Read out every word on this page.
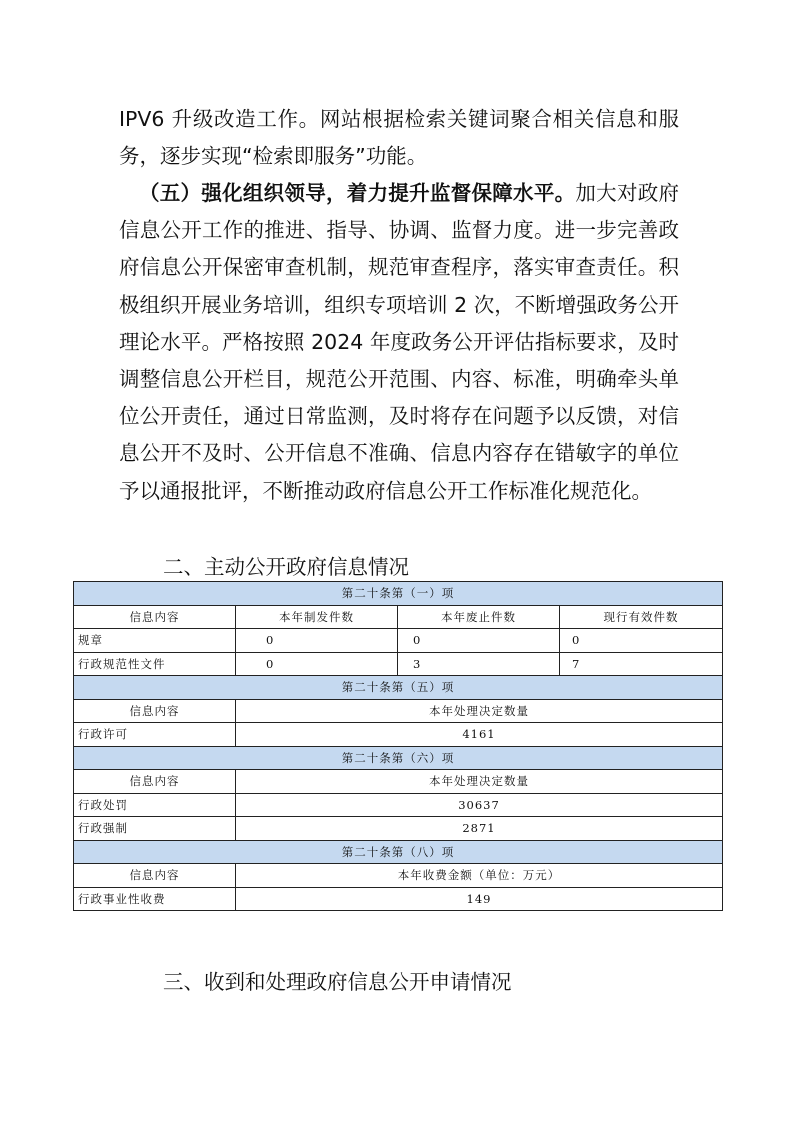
IPV6 升级改造工作。网站根据检索关键词聚合相关信息和服务，逐步实现“检索即服务”功能。

（五）强化组织领导，着力提升监督保障水平。加大对政府信息公开工作的推进、指导、协调、监督力度。进一步完善政府信息公开保密审查机制，规范审查程序，落实审查责任。积极组织开展业务培训，组织专项培训 2 次，不断增强政务公开理论水平。严格按照 2024 年度政务公开评估指标要求，及时调整信息公开栏目，规范公开范围、内容、标准，明确牵头单位公开责任，通过日常监测，及时将存在问题予以反馈，对信息公开不及时、公开信息不准确、信息内容存在错敏字的单位予以通报批评，不断推动政府信息公开工作标准化规范化。

二、主动公开政府信息情况
第二十条第（一）项			
信息内容	本年制发件数	本年废止件数	现行有效件数
规章	0	0	0
行政规范性文件	0	3	7
第二十条第（五）项			
信息内容	本年处理决定数量		
行政许可	4161		
第二十条第（六）项			
信息内容	本年处理决定数量		
行政处罚	30637		
行政强制	2871		
第二十条第（八）项			
信息内容	本年收费金额（单位：万元）		
行政事业性收费	149		
三、收到和处理政府信息公开申请情况
